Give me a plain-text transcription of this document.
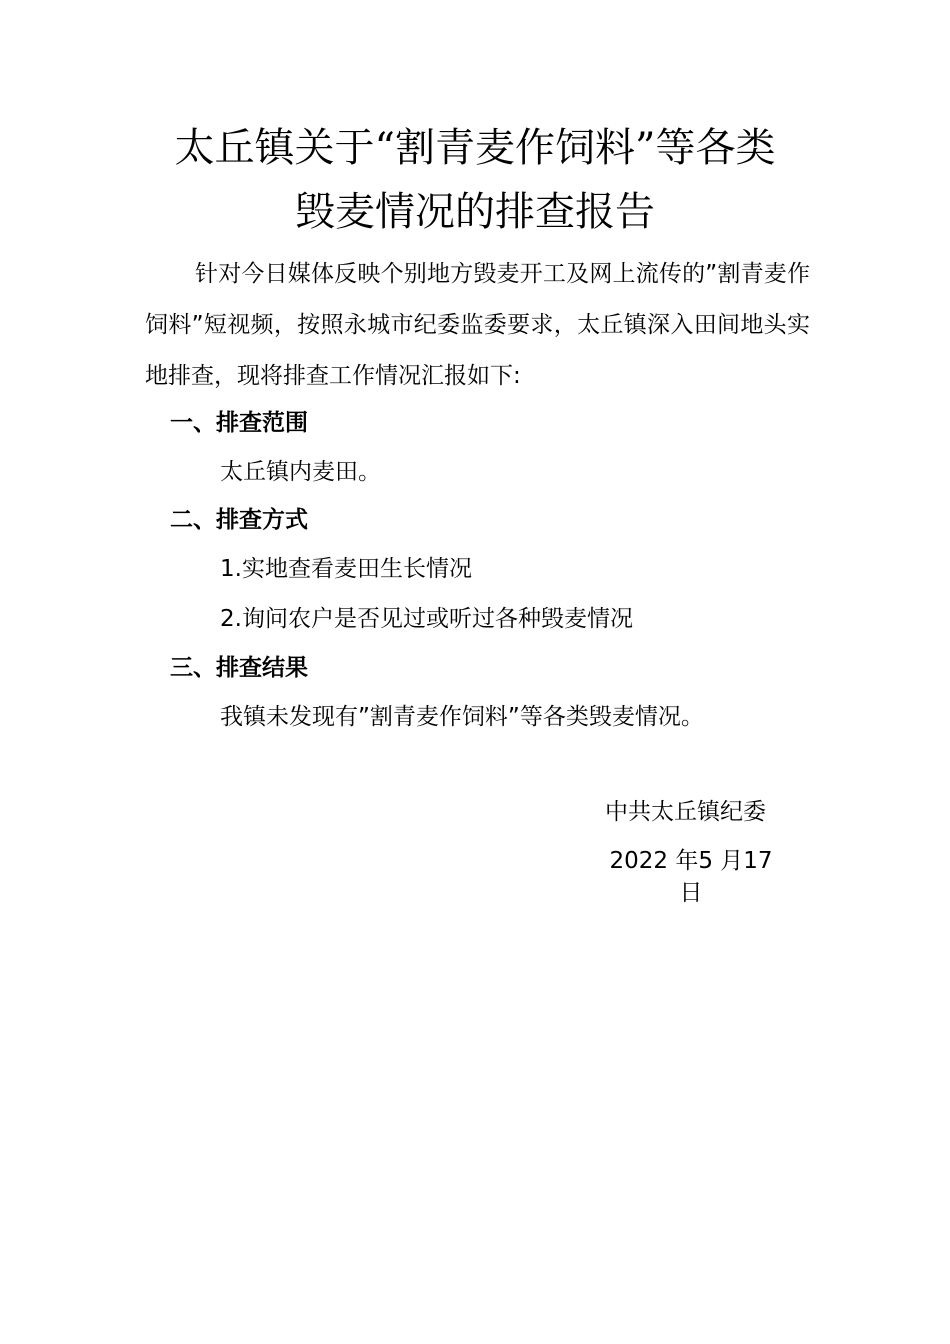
太丘镇关于“割青麦作饲料”等各类
毁麦情况的排查报告

针对今日媒体反映个别地方毁麦开工及网上流传的”割青麦作饲料”短视频，按照永城市纪委监委要求，太丘镇深入田间地头实地排查，现将排查工作情况汇报如下:

一、排查范围
太丘镇内麦田。
二、排查方式
1.实地查看麦田生长情况
2.询问农户是否见过或听过各种毁麦情况
三、排查结果
我镇未发现有”割青麦作饲料”等各类毁麦情况。
中共太丘镇纪委
2022 年5 月17 日
